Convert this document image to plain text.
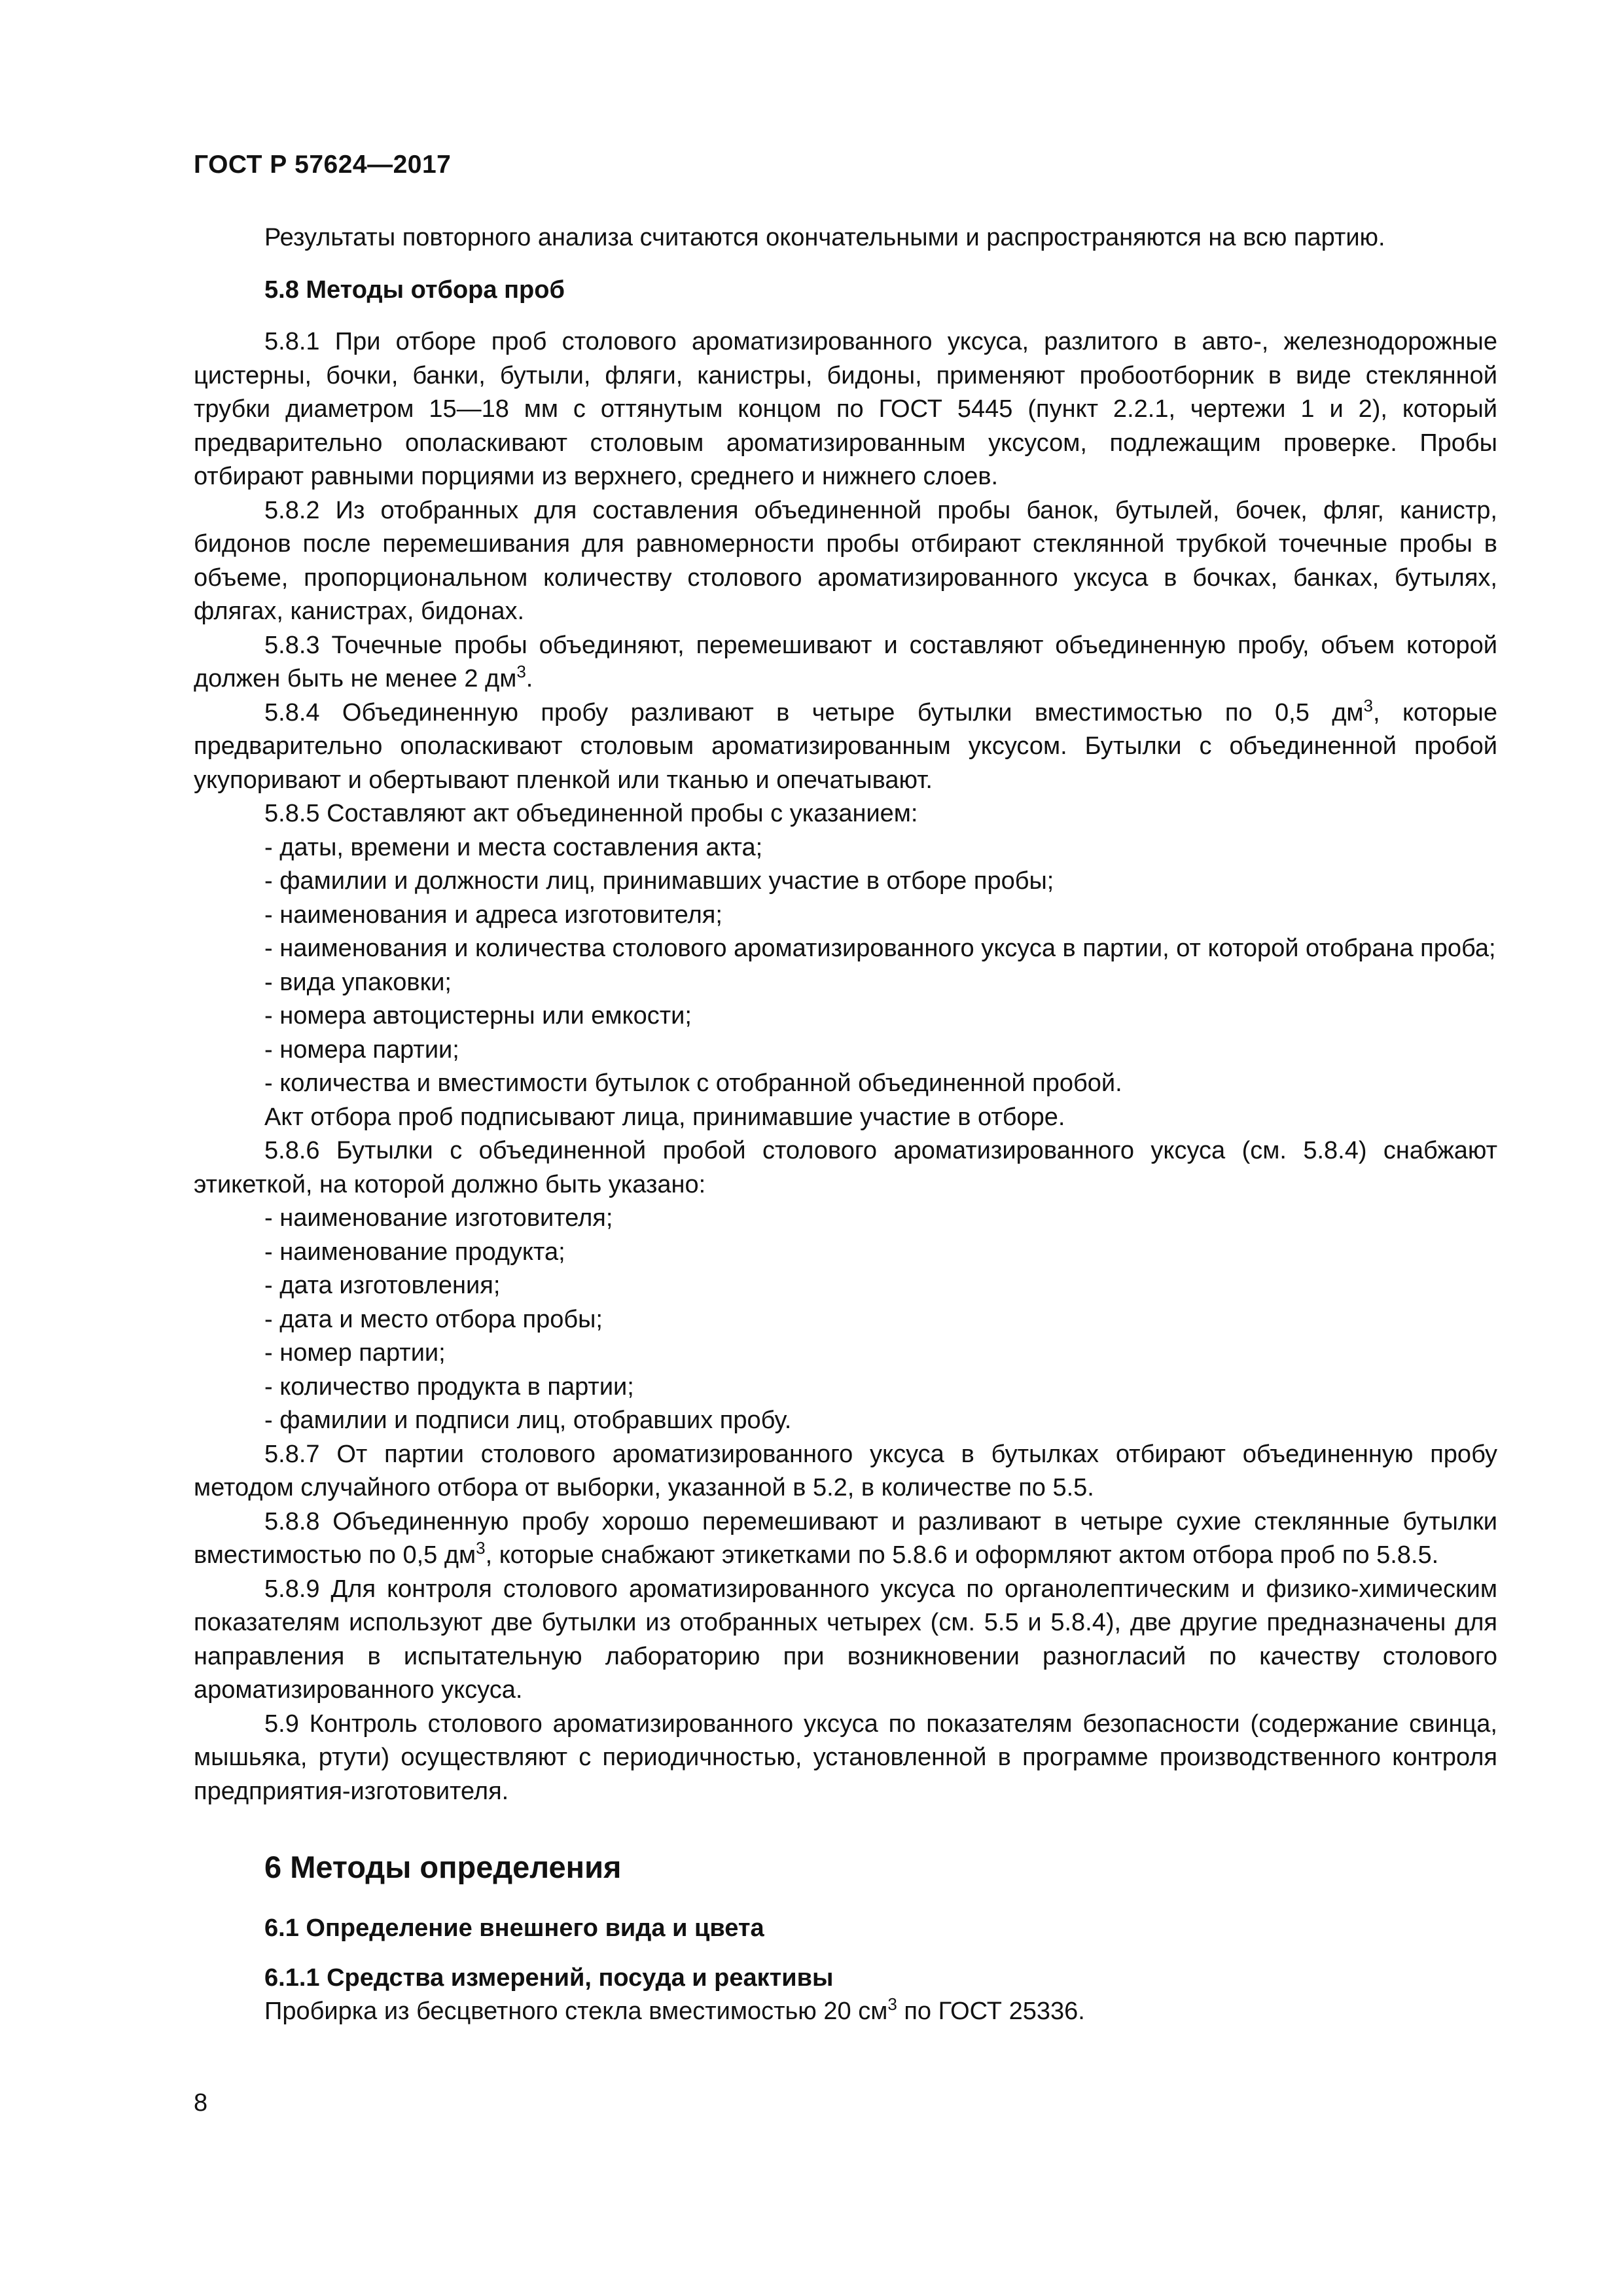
ГОСТ Р 57624—2017

Результаты повторного анализа считаются окончательными и распространяются на всю партию.

5.8 Методы отбора проб

5.8.1 При отборе проб столового ароматизированного уксуса, разлитого в авто-, железнодорожные цистерны, бочки, банки, бутыли, фляги, канистры, бидоны, применяют пробоотборник в виде стеклянной трубки диаметром 15—18 мм с оттянутым концом по ГОСТ 5445 (пункт 2.2.1, чертежи 1 и 2), который предварительно ополаскивают столовым ароматизированным уксусом, подлежащим проверке. Пробы отбирают равными порциями из верхнего, среднего и нижнего слоев.

5.8.2 Из отобранных для составления объединенной пробы банок, бутылей, бочек, фляг, канистр, бидонов после перемешивания для равномерности пробы отбирают стеклянной трубкой точечные пробы в объеме, пропорциональном количеству столового ароматизированного уксуса в бочках, банках, бутылях, флягах, канистрах, бидонах.

5.8.3 Точечные пробы объединяют, перемешивают и составляют объединенную пробу, объем которой должен быть не менее 2 $дм^3$.

5.8.4 Объединенную пробу разливают в четыре бутылки вместимостью по 0,5 $дм^3$, которые предварительно ополаскивают столовым ароматизированным уксусом. Бутылки с объединенной пробой укупоривают и обертывают пленкой или тканью и опечатывают.

5.8.5 Составляют акт объединенной пробы с указанием:

- даты, времени и места составления акта;

- фамилии и должности лиц, принимавших участие в отборе пробы;

- наименования и адреса изготовителя;

- наименования и количества столового ароматизированного уксуса в партии, от которой отобрана проба;

- вида упаковки;

- номера автоцистерны или емкости;

- номера партии;

- количества и вместимости бутылок с отобранной объединенной пробой.

Акт отбора проб подписывают лица, принимавшие участие в отборе.

5.8.6 Бутылки с объединенной пробой столового ароматизированного уксуса (см. 5.8.4) снабжают этикеткой, на которой должно быть указано:

- наименование изготовителя;

- наименование продукта;

- дата изготовления;

- дата и место отбора пробы;

- номер партии;

- количество продукта в партии;

- фамилии и подписи лиц, отобравших пробу.

5.8.7 От партии столового ароматизированного уксуса в бутылках отбирают объединенную пробу методом случайного отбора от выборки, указанной в 5.2, в количестве по 5.5.

5.8.8 Объединенную пробу хорошо перемешивают и разливают в четыре сухие стеклянные бутылки вместимостью по 0,5 $дм^3$, которые снабжают этикетками по 5.8.6 и оформляют актом отбора проб по 5.8.5.

5.8.9 Для контроля столового ароматизированного уксуса по органолептическим и физико-химическим показателям используют две бутылки из отобранных четырех (см. 5.5 и 5.8.4), две другие предназначены для направления в испытательную лабораторию при возникновении разногласий по качеству столового ароматизированного уксуса.

5.9 Контроль столового ароматизированного уксуса по показателям безопасности (содержание свинца, мышьяка, ртути) осуществляют с периодичностью, установленной в программе производственного контроля предприятия-изготовителя.

6 Методы определения

6.1 Определение внешнего вида и цвета

6.1.1 Средства измерений, посуда и реактивы

Пробирка из бесцветного стекла вместимостью 20 $см^3$ по ГОСТ 25336.

8
